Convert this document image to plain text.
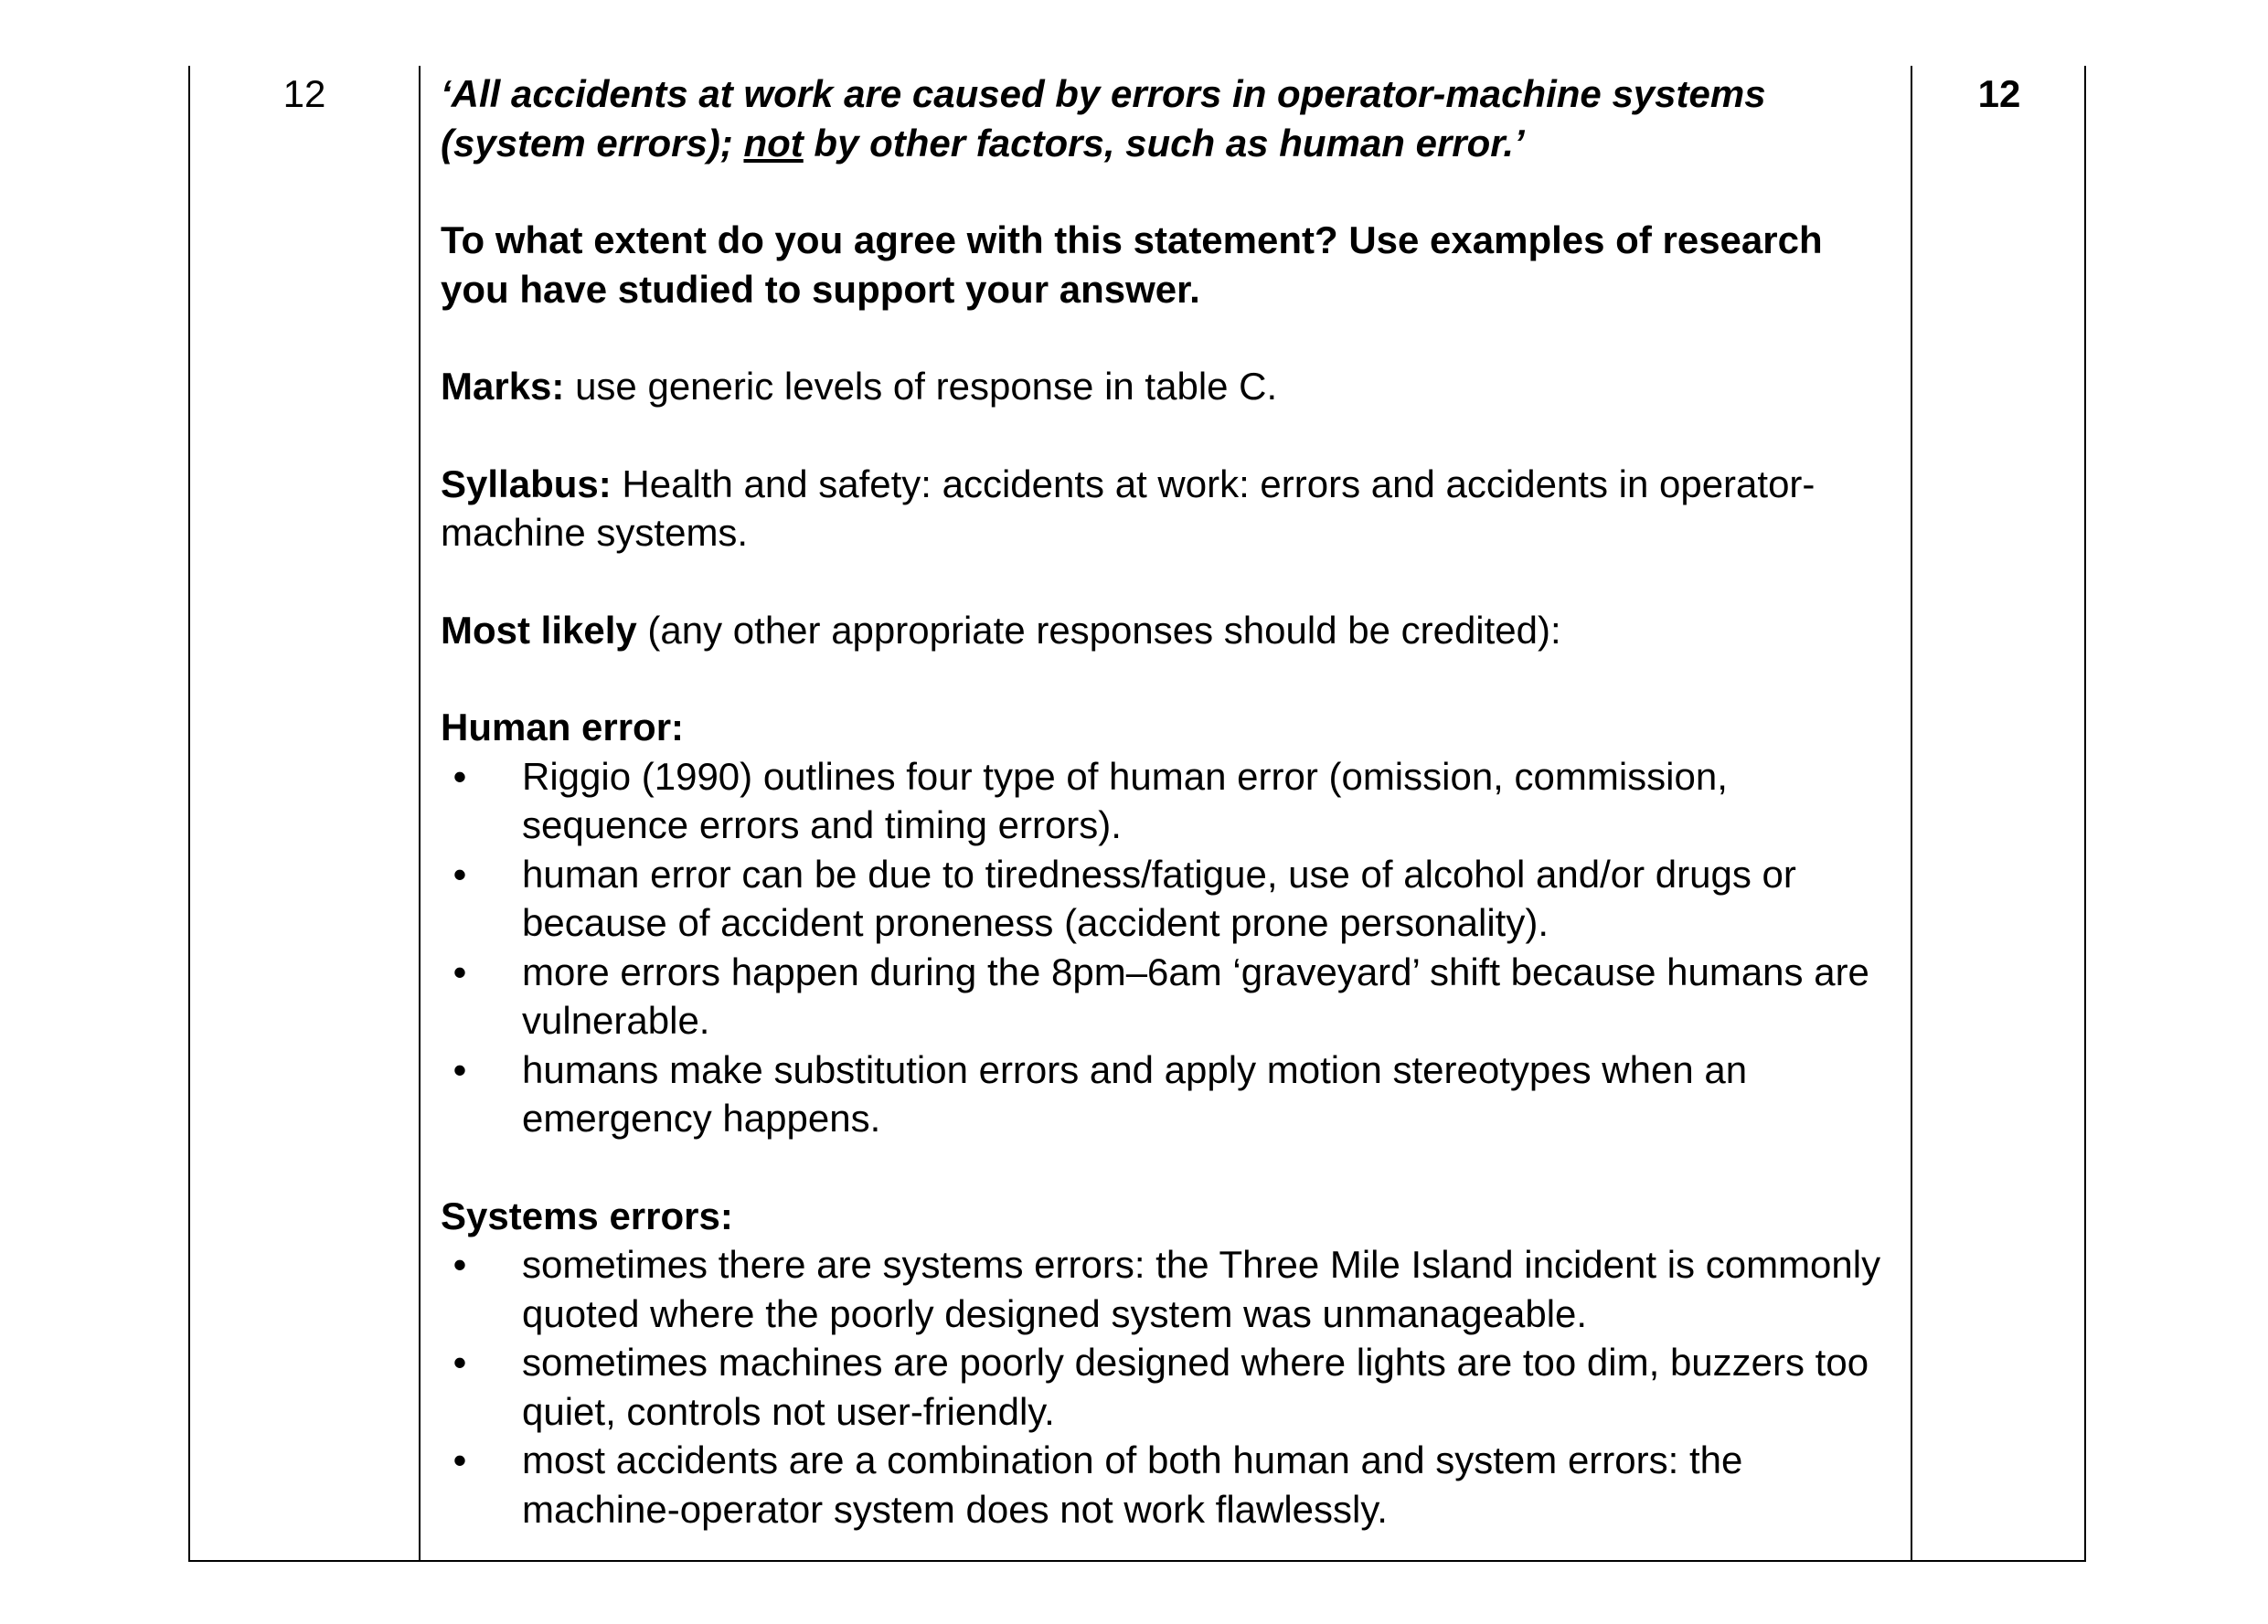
12	‘All accidents at work are caused by errors in operator-machine systems (system errors); not by other factors, such as human error.’

To what extent do you agree with this statement? Use examples of research you have studied to support your answer.

Marks: use generic levels of response in table C.

Syllabus: Health and safety: accidents at work: errors and accidents in operator-machine systems.

Most likely (any other appropriate responses should be credited):

Human error:

• Riggio (1990) outlines four type of human error (omission, commission, sequence errors and timing errors).
• human error can be due to tiredness/fatigue, use of alcohol and/or drugs or because of accident proneness (accident prone personality).
• more errors happen during the 8pm–6am ‘graveyard’ shift because humans are vulnerable.
• humans make substitution errors and apply motion stereotypes when an emergency happens.

Systems errors:

• sometimes there are systems errors: the Three Mile Island incident is commonly quoted where the poorly designed system was unmanageable.
• sometimes machines are poorly designed where lights are too dim, buzzers too quiet, controls not user-friendly.
• most accidents are a combination of both human and system errors: the machine-operator system does not work flawlessly.
12
